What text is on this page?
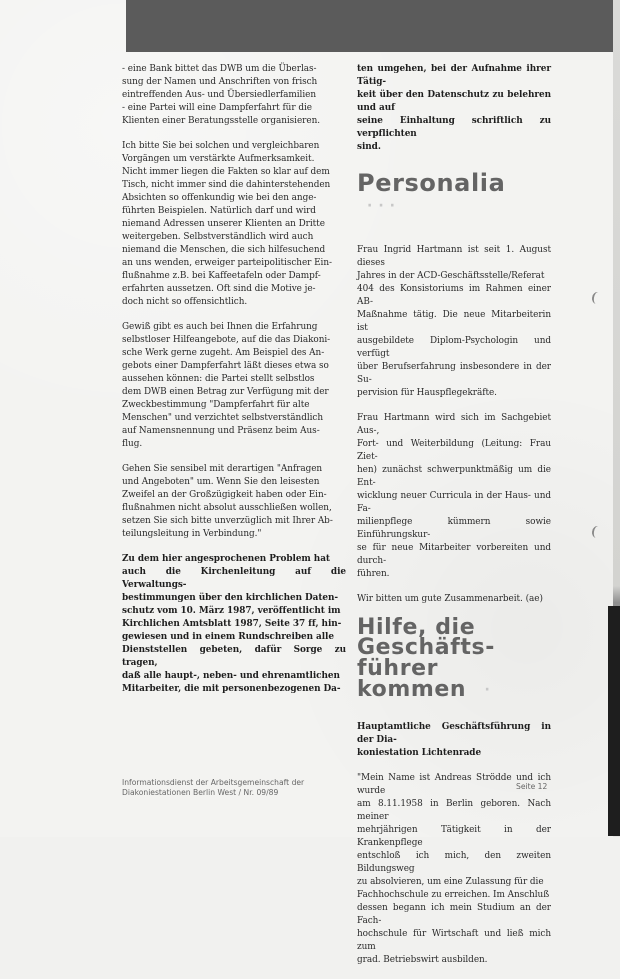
- eine Bank bittet das DWB um die Überlas-
sung der Namen und Anschriften von frisch
eintreffenden Aus- und Übersiedlerfamilien
- eine Partei will eine Dampferfahrt für die
Klienten einer Beratungsstelle organisieren.

Ich bitte Sie bei solchen und vergleichbaren
Vorgängen um verstärkte Aufmerksamkeit.
Nicht immer liegen die Fakten so klar auf dem
Tisch, nicht immer sind die dahinterstehenden
Absichten so offenkundig wie bei den ange-
führten Beispielen. Natürlich darf und wird
niemand Adressen unserer Klienten an Dritte
weitergeben. Selbstverständlich wird auch
niemand die Menschen, die sich hilfesuchend
an uns wenden, erweiger parteipolitischer Ein-
flußnahme z.B. bei Kaffeetafeln oder Dampf-
erfahrten aussetzen. Oft sind die Motive je-
doch nicht so offensichtlich.

Gewiß gibt es auch bei Ihnen die Erfahrung
selbstloser Hilfeangebote, auf die das Diakoni-
sche Werk gerne zugeht. Am Beispiel des An-
gebots einer Dampferfahrt läßt dieses etwa so
aussehen können: die Partei stellt selbstlos
dem DWB einen Betrag zur Verfügung mit der
Zweckbestimmung "Dampferfahrt für alte
Menschen" und verzichtet selbstverständlich
auf Namensnennung und Präsenz beim Aus-
flug.

Gehen Sie sensibel mit derartigen "Anfragen
und Angeboten" um. Wenn Sie den leisesten
Zweifel an der Großzügigkeit haben oder Ein-
flußnahmen nicht absolut ausschließen wollen,
setzen Sie sich bitte unverzüglich mit Ihrer Ab-
teilungsleitung in Verbindung."

Zu dem hier angesprochenen Problem hat
auch die Kirchenleitung auf die Verwaltungs-
bestimmungen über den kirchlichen Daten-
schutz vom 10. März 1987, veröffentlicht im
Kirchlichen Amtsblatt 1987, Seite 37 ff, hin-
gewiesen und in einem Rundschreiben alle
Dienststellen gebeten, dafür Sorge zu tragen,
daß alle haupt-, neben- und ehrenamtlichen
Mitarbeiter, die mit personenbezogenen Da-

ten umgehen, bei der Aufnahme ihrer Tätig-
keit über den Datenschutz zu belehren und auf
seine Einhaltung schriftlich zu verpflichten
sind.

Personalia ···

Frau Ingrid Hartmann ist seit 1. August dieses
Jahres in der ACD-Geschäftsstelle/Referat
404 des Konsistoriums im Rahmen einer AB-
Maßnahme tätig. Die neue Mitarbeiterin ist
ausgebildete Diplom-Psychologin und verfügt
über Berufserfahrung insbesondere in der Su-
pervision für Hauspflegekräfte.

Frau Hartmann wird sich im Sachgebiet Aus-,
Fort- und Weiterbildung (Leitung: Frau Ziet-
hen) zunächst schwerpunktmäßig um die Ent-
wicklung neuer Curricula in der Haus- und Fa-
milienpflege kümmern sowie Einführungskur-
se für neue Mitarbeiter vorbereiten und durch-
führen.

Wir bitten um gute Zusammenarbeit. (ae)

Hilfe, die Geschäfts-
führer kommen ·

Hauptamtliche Geschäftsführung in der Dia-
koniestation Lichtenrade

"Mein Name ist Andreas Strödde und ich wurde
am 8.11.1958 in Berlin geboren. Nach meiner
mehrjährigen Tätigkeit in der Krankenpflege
entschloß ich mich, den zweiten Bildungsweg
zu absolvieren, um eine Zulassung für die
Fachhochschule zu erreichen. Im Anschluß
dessen begann ich mein Studium an der Fach-
hochschule für Wirtschaft und ließ mich zum
grad. Betriebswirt ausbilden.

Informationsdienst der Arbeitsgemeinschaft der
Diakoniestationen Berlin West / Nr. 09/89
Seite 12
